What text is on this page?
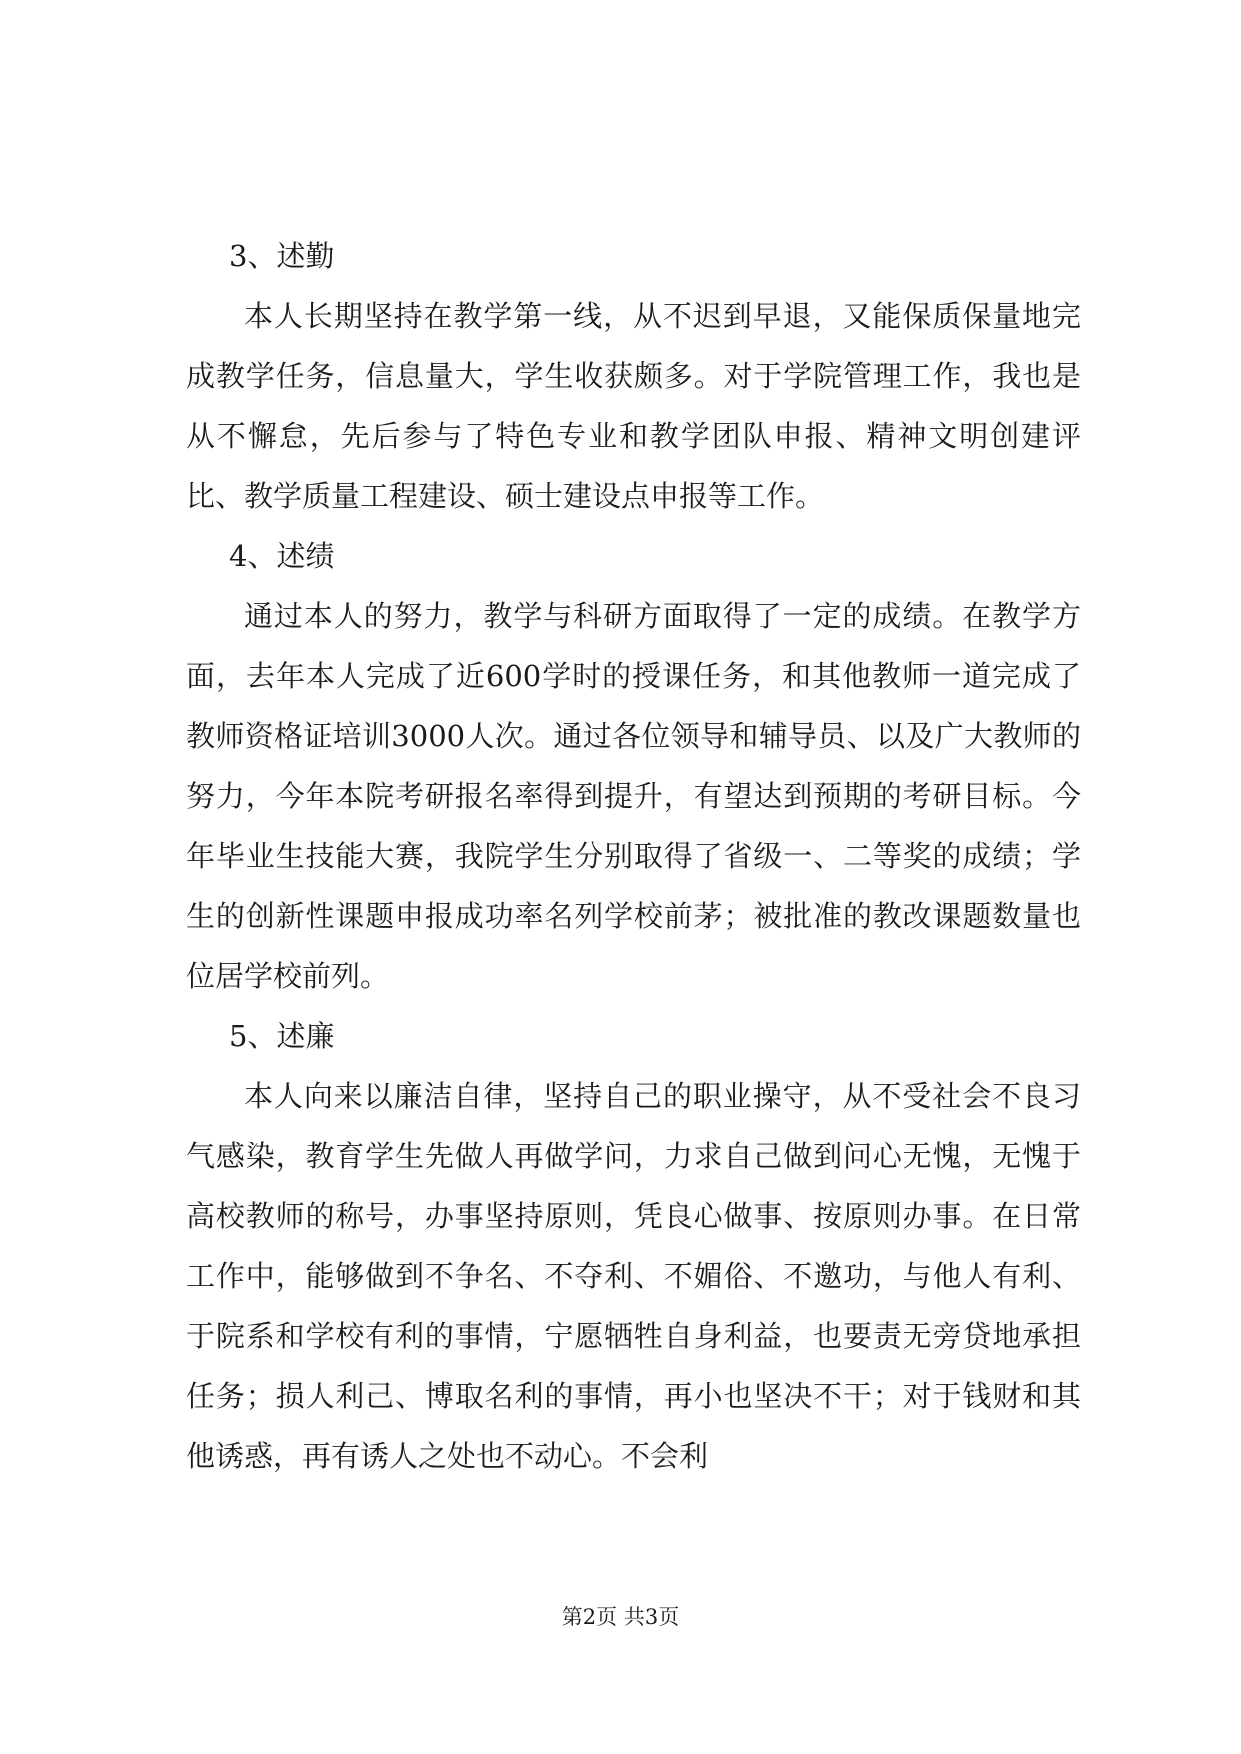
3、述勤

本人长期坚持在教学第一线，从不迟到早退，又能保质保量地完成教学任务，信息量大，学生收获颇多。对于学院管理工作，我也是从不懈怠，先后参与了特色专业和教学团队申报、精神文明创建评比、教学质量工程建设、硕士建设点申报等工作。

4、述绩

通过本人的努力，教学与科研方面取得了一定的成绩。在教学方面，去年本人完成了近600学时的授课任务，和其他教师一道完成了教师资格证培训3000人次。通过各位领导和辅导员、以及广大教师的努力，今年本院考研报名率得到提升，有望达到预期的考研目标。今年毕业生技能大赛，我院学生分别取得了省级一、二等奖的成绩；学生的创新性课题申报成功率名列学校前茅；被批准的教改课题数量也位居学校前列。

5、述廉

本人向来以廉洁自律，坚持自己的职业操守，从不受社会不良习气感染，教育学生先做人再做学问，力求自己做到问心无愧，无愧于高校教师的称号，办事坚持原则，凭良心做事、按原则办事。在日常工作中，能够做到不争名、不夺利、不媚俗、不邀功，与他人有利、于院系和学校有利的事情，宁愿牺牲自身利益，也要责无旁贷地承担任务；损人利己、博取名利的事情，再小也坚决不干；对于钱财和其他诱惑，再有诱人之处也不动心。不会利

第2页 共3页
